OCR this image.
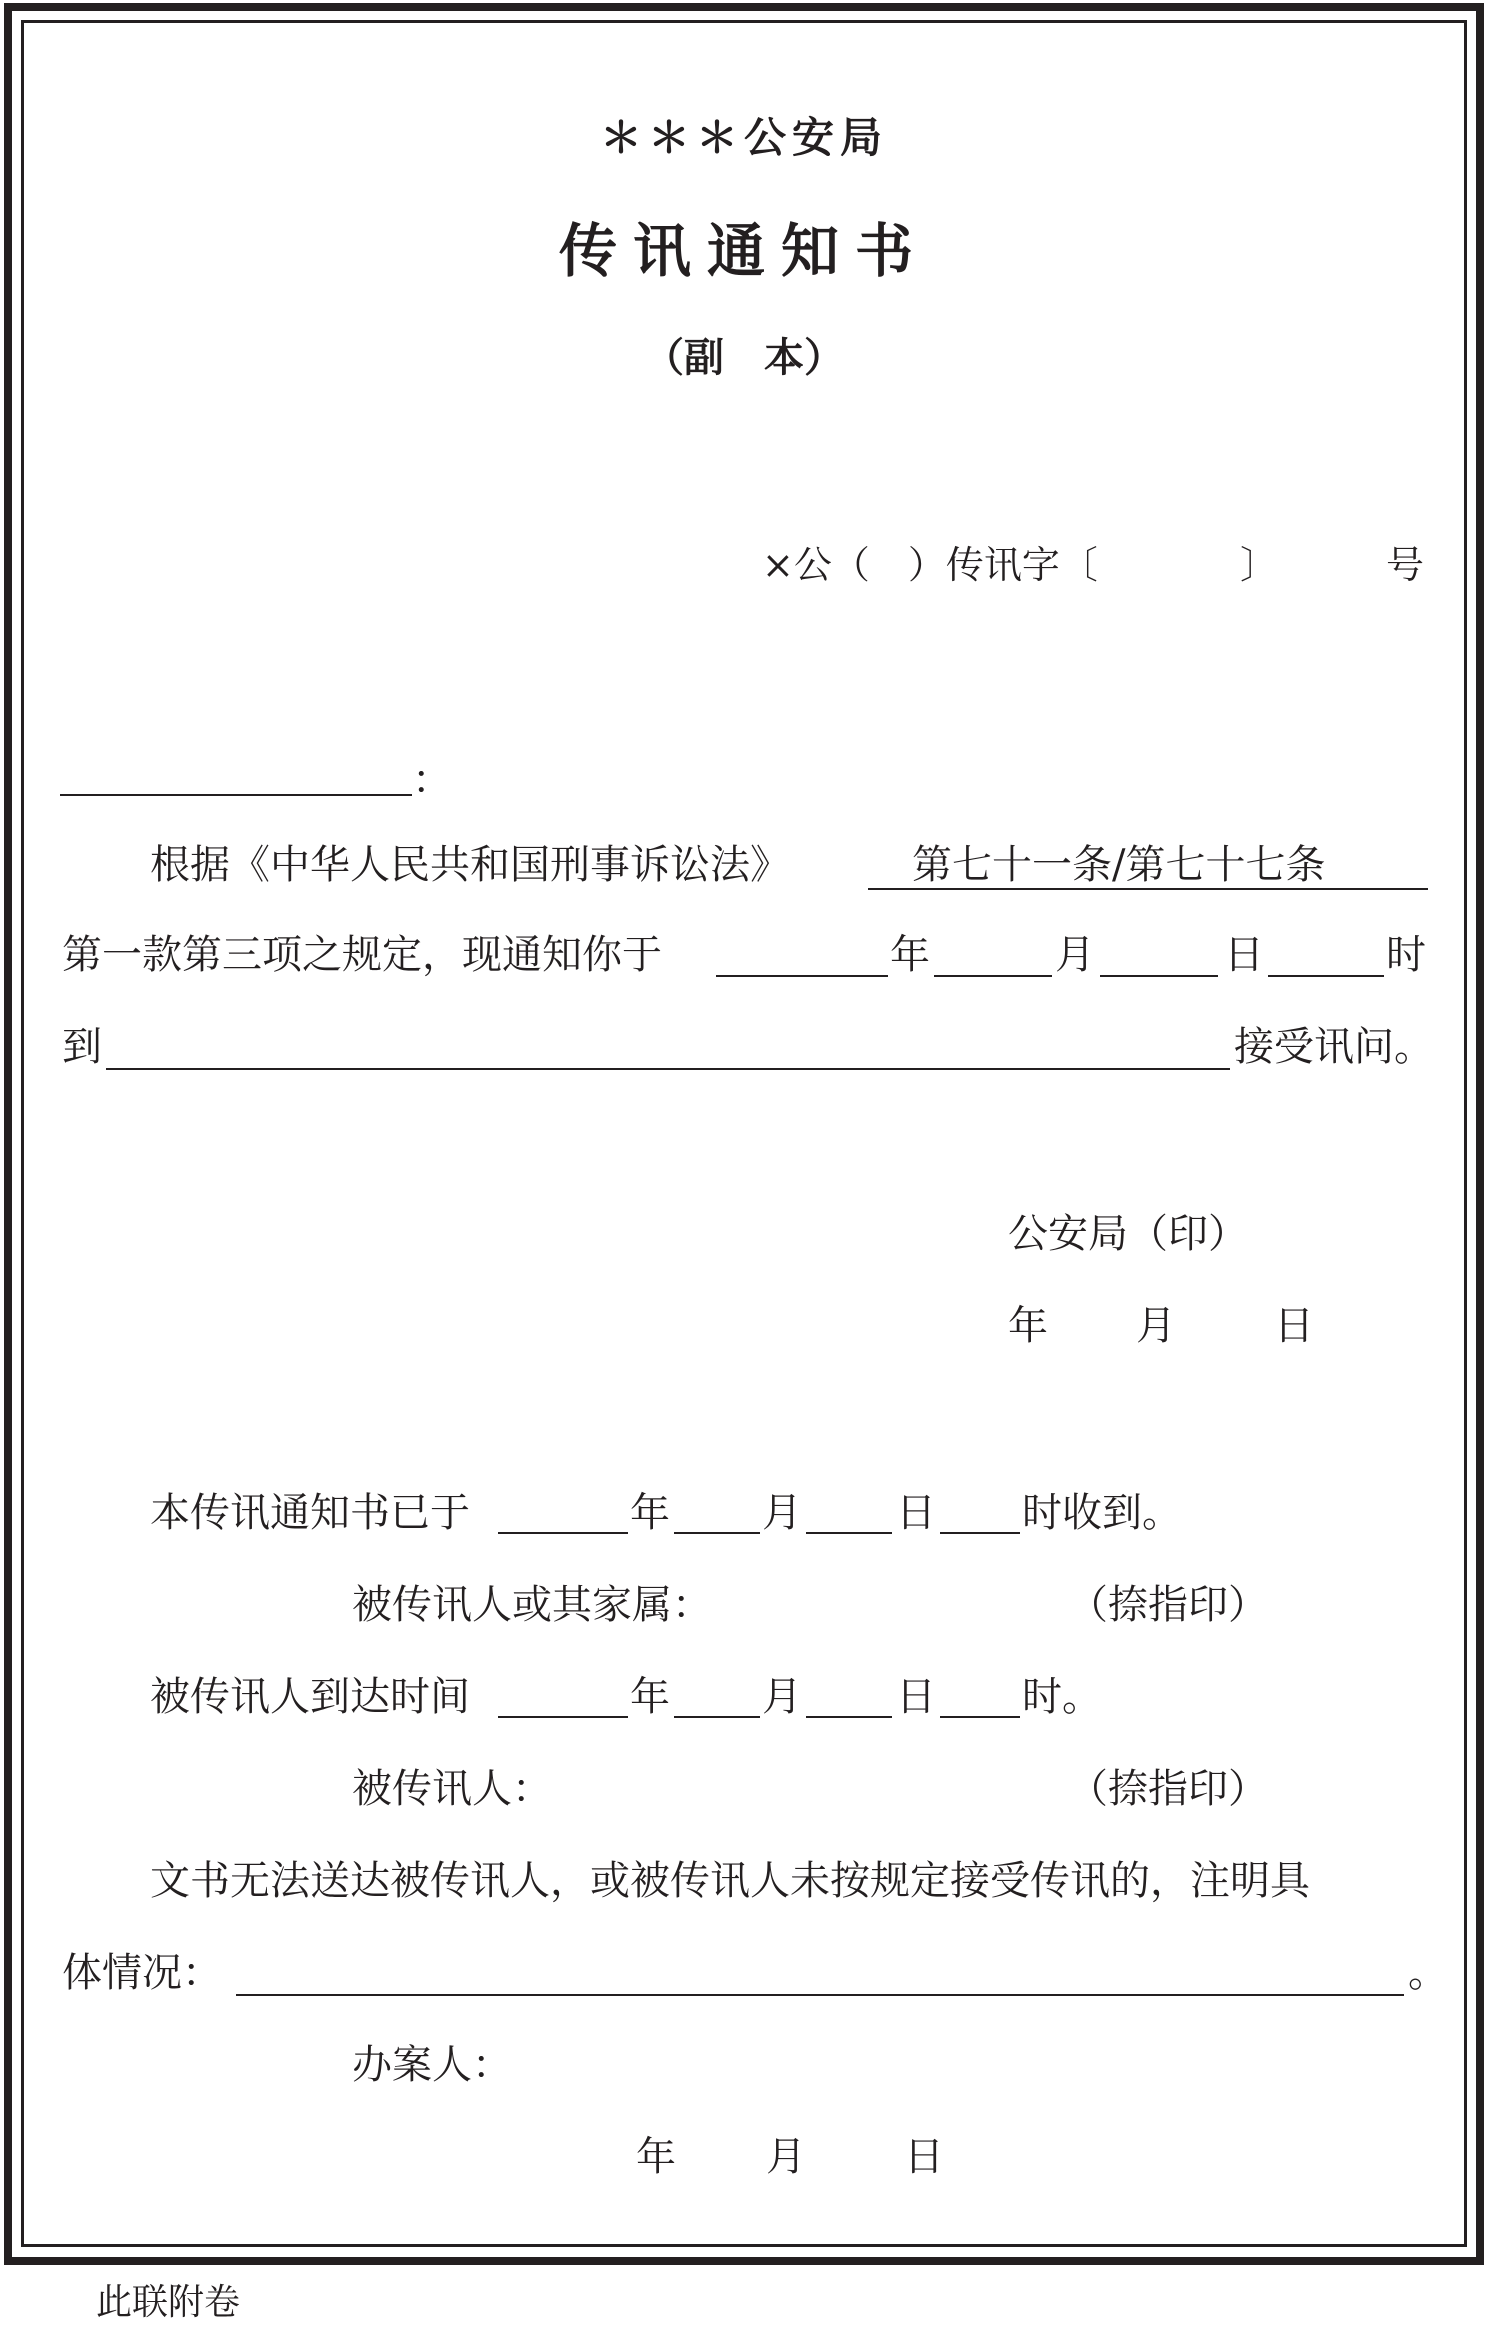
＊＊＊公安局
传讯通知书
（副　本）
×公（　）传讯字〔	〕	号
：
根据《中华人民共和国刑事诉讼法》	第七十一条/第七十七条
第一款第三项之规定，现通知你于	年	月	日	时
到	接受讯问。
公安局（印）
年 月 日
本传讯通知书已于	年 月 日 时收到。
被传讯人或其家属：	（捺指印）
被传讯人到达时间	年 月 日 时。
被传讯人：	（捺指印）
文书无法送达被传讯人，或被传讯人未按规定接受传讯的，注明具
体情况：	。
办案人：
年 月 日
此联附卷
